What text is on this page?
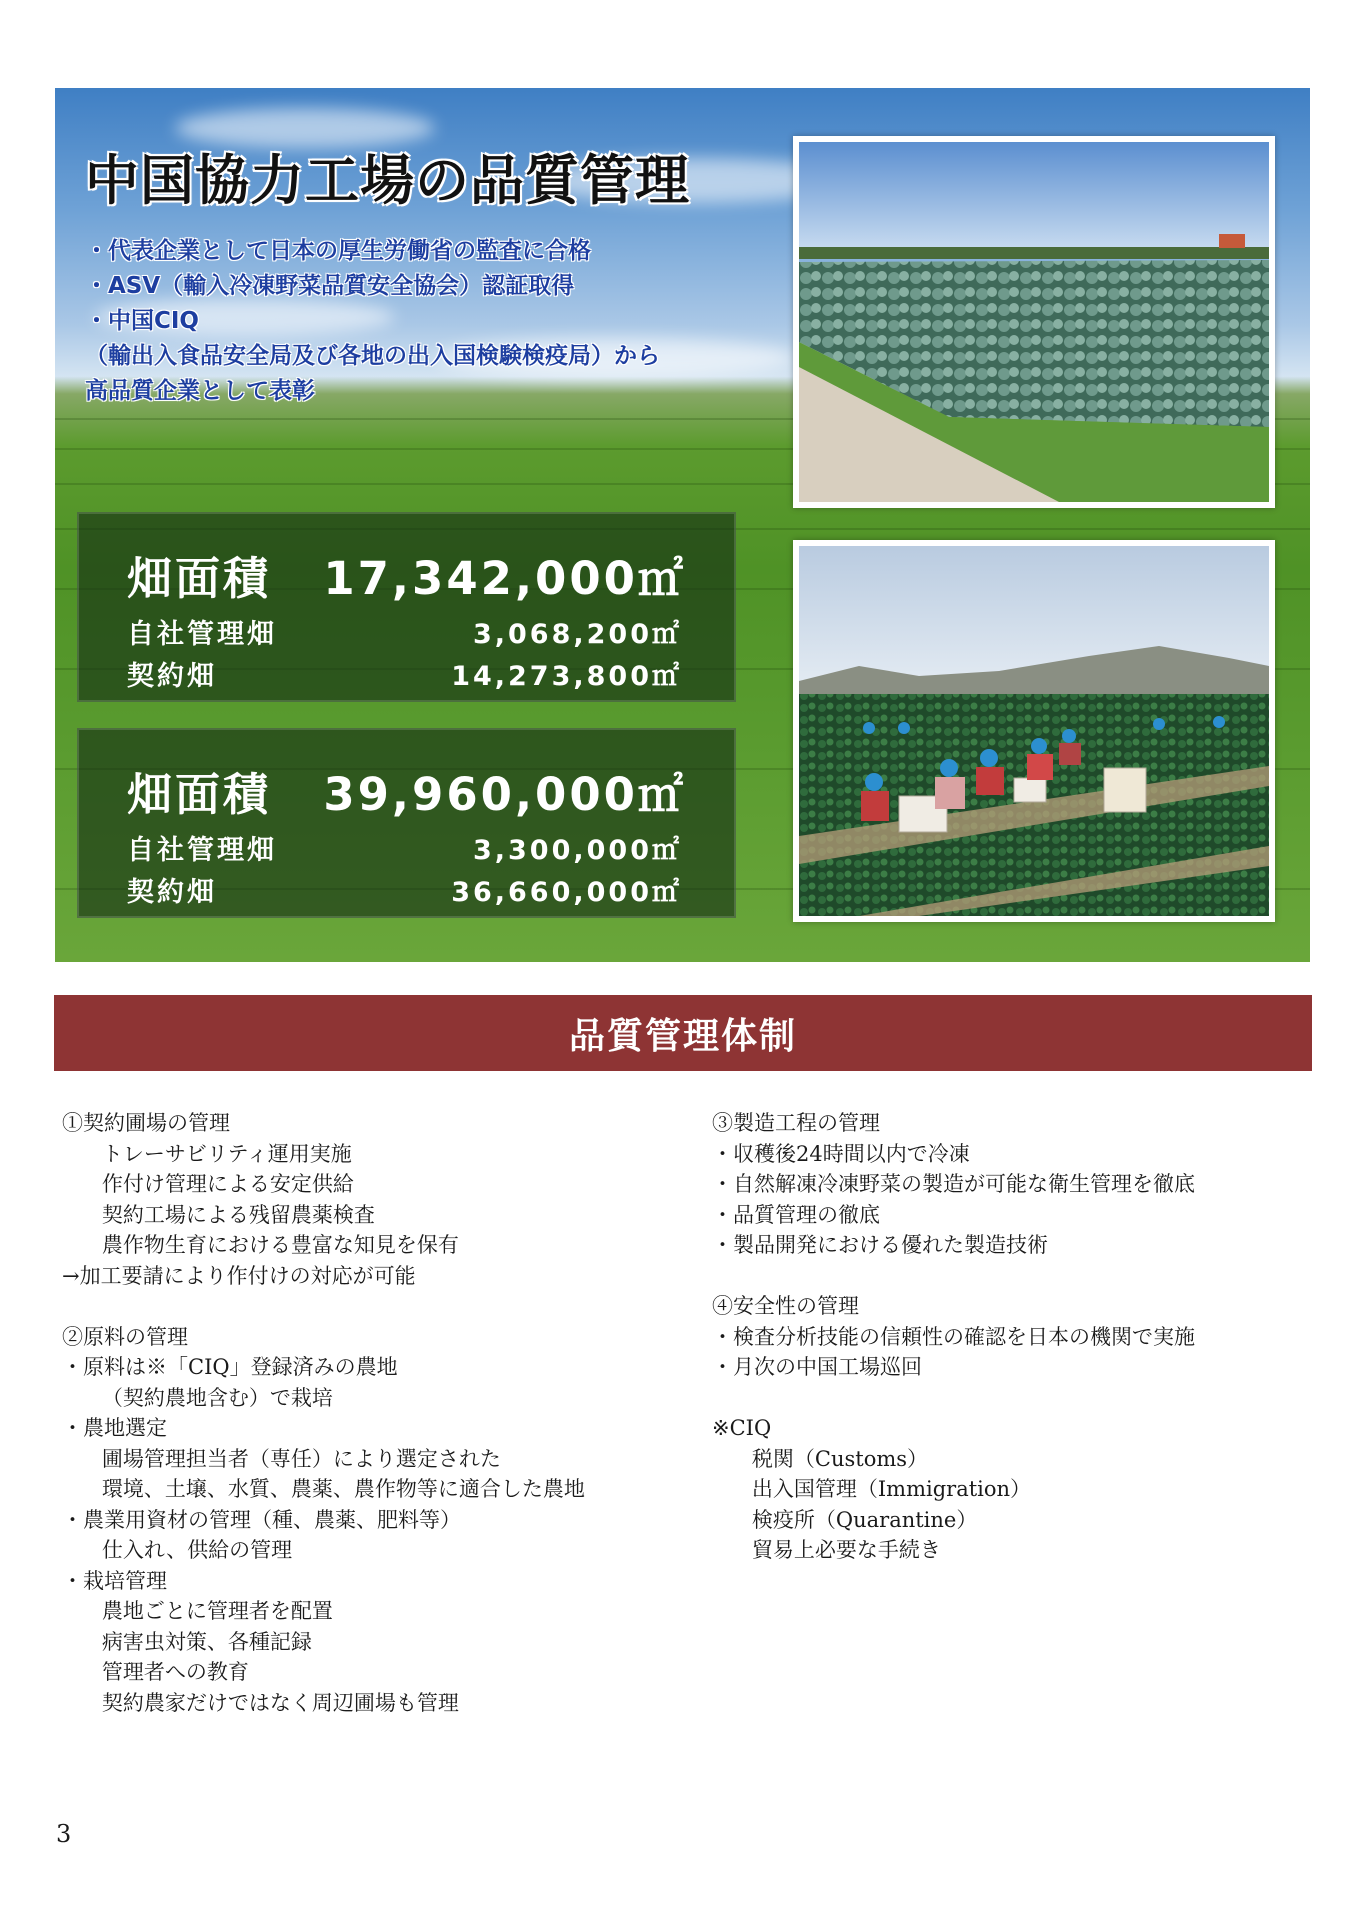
中国協力工場の品質管理
・代表企業として日本の厚生労働省の監査に合格
・ASV（輸入冷凍野菜品質安全協会）認証取得
・中国CIQ
（輸出入食品安全局及び各地の出入国検験検疫局）から
高品質企業として表彰
畑面積 17,342,000㎡
自社管理畑	3,068,200㎡
契約畑	14,273,800㎡
畑面積 39,960,000㎡
自社管理畑	3,300,000㎡
契約畑	36,660,000㎡
品質管理体制
①契約圃場の管理
トレーサビリティ運用実施
作付け管理による安定供給
契約工場による残留農薬検査
農作物生育における豊富な知見を保有
→加工要請により作付けの対応が可能
②原料の管理
・原料は※「CIQ」登録済みの農地
（契約農地含む）で栽培
・農地選定
圃場管理担当者（専任）により選定された
環境、土壌、水質、農薬、農作物等に適合した農地
・農業用資材の管理（種、農薬、肥料等）
仕入れ、供給の管理
・栽培管理
農地ごとに管理者を配置
病害虫対策、各種記録
管理者への教育
契約農家だけではなく周辺圃場も管理
③製造工程の管理
・収穫後24時間以内で冷凍
・自然解凍冷凍野菜の製造が可能な衛生管理を徹底
・品質管理の徹底
・製品開発における優れた製造技術
④安全性の管理
・検査分析技能の信頼性の確認を日本の機関で実施
・月次の中国工場巡回
※CIQ
税関（Customs）
出入国管理（Immigration）
検疫所（Quarantine）
貿易上必要な手続き
3
